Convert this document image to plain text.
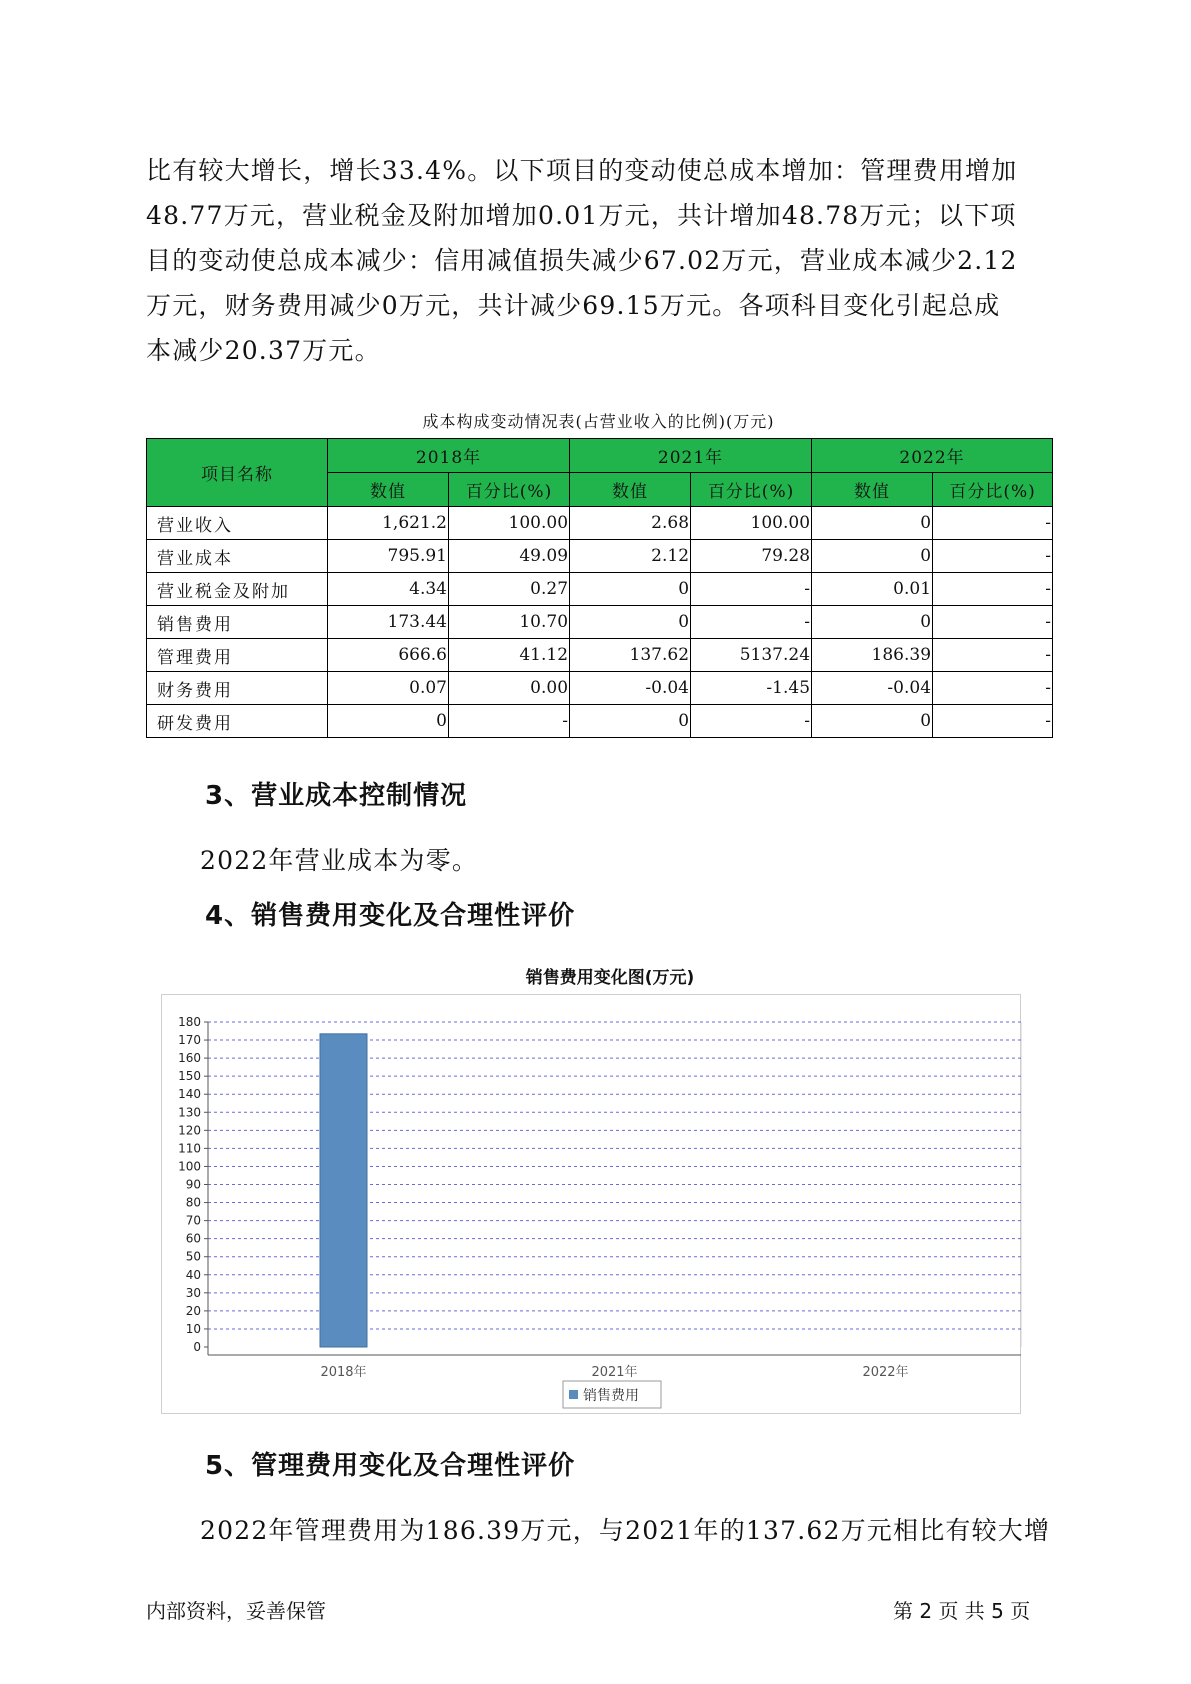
比有较大增长，增长33.4%。以下项目的变动使总成本增加：管理费用增加
48.77万元，营业税金及附加增加0.01万元，共计增加48.78万元；以下项
目的变动使总成本减少：信用减值损失减少67.02万元，营业成本减少2.12
万元，财务费用减少0万元，共计减少69.15万元。各项科目变化引起总成
本减少20.37万元。
成本构成变动情况表(占营业收入的比例)(万元)
项目名称	2018年		2021年		2022年	
	数值	百分比(%)	数值	百分比(%)	数值	百分比(%)
营业收入	1,621.2	100.00	2.68	100.00	0	-
营业成本	795.91	49.09	2.12	79.28	0	-
营业税金及附加	4.34	0.27	0	-	0.01	-
销售费用	173.44	10.70	0	-	0	-
管理费用	666.6	41.12	137.62	5137.24	186.39	-
财务费用	0.07	0.00	-0.04	-1.45	-0.04	-
研发费用	0	-	0	-	0	-
3、营业成本控制情况
2022年营业成本为零。
4、销售费用变化及合理性评价
销售费用变化图(万元)
0
10
20
30
40
50
60
70
80
90
100
110
120
130
140
150
160
170
180
2018年	2021年	2022年
销售费用
5、管理费用变化及合理性评价
2022年管理费用为186.39万元，与2021年的137.62万元相比有较大增
内部资料，妥善保管	第 2 页 共 5 页
